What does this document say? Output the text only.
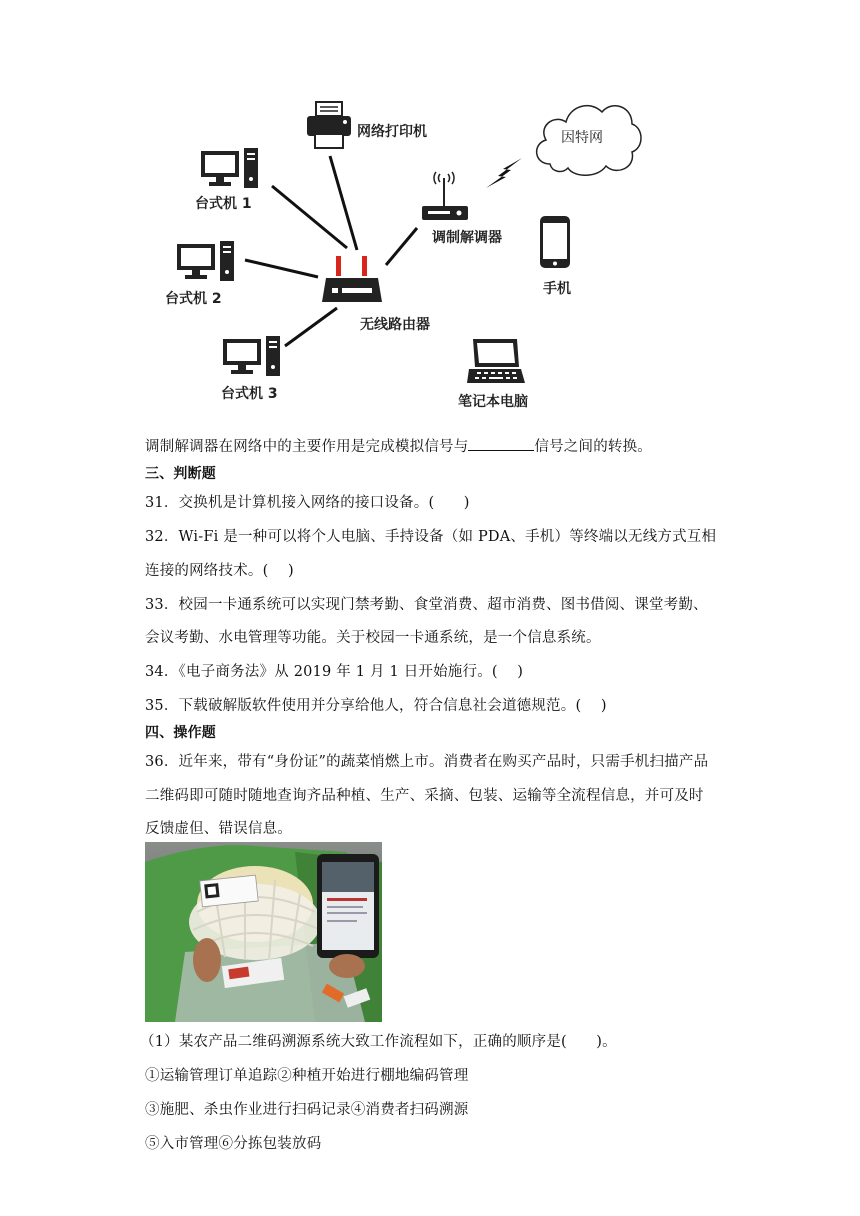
网络打印机	因特网
台式机 1
调制解调器
手机
台式机 2
无线路由器
台式机 3	笔记本电脑
调制解调器在网络中的主要作用是完成模拟信号与	信号之间的转换。
三、判断题
31．交换机是计算机接入网络的接口设备。(　　)
32．Wi-Fi 是一种可以将个人电脑、手持设备（如 PDA、手机）等终端以无线方式互相
连接的网络技术。(　 )
33．校园一卡通系统可以实现门禁考勤、食堂消费、超市消费、图书借阅、课堂考勤、
会议考勤、水电管理等功能。关于校园一卡通系统，是一个信息系统。
34．《电子商务法》从 2019 年 1 月 1 日开始施行。(　 )
35．下载破解版软件使用并分享给他人，符合信息社会道德规范。(　 )
四、操作题
36．近年来，带有“身份证”的蔬菜悄燃上市。消费者在购买产品时，只需手机扫描产品
二维码即可随时随地查询齐品种植、生产、采摘、包装、运输等全流程信息，并可及时
反馈虚但、错误信息。
（1）某农产品二维码溯源系统大致工作流程如下，正确的顺序是(　　)。
①运输管理订单追踪②种植开始进行棚地编码管理
③施肥、杀虫作业进行扫码记录④消费者扫码溯源
⑤入市管理⑥分拣包装放码
